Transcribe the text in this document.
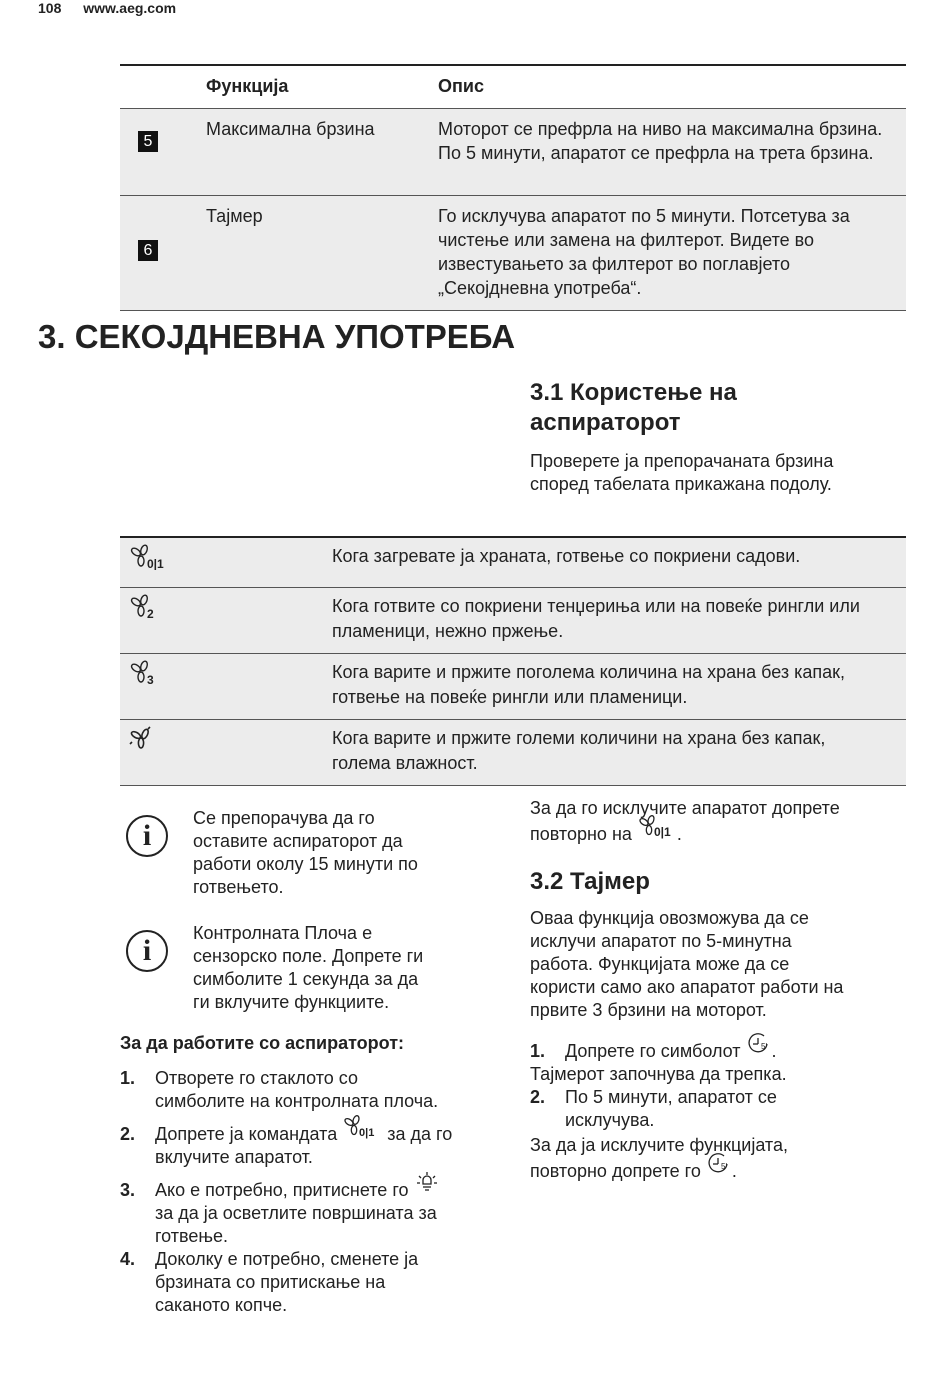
108 www.aeg.com
	Функција	Опис
5	Максимална брзина	Моторот се префрла на ниво на максимална брзина. По 5 минути, апаратот се префрла на трета брзина.
6	Тајмер	Го исклучува апаратот по 5 минути. Потсетува за чистење или замена на филтерот. Видете во известувањето за филтерот во поглавјето „Секојдневна употреба“.
3. СЕКОЈДНЕВНА УПОТРЕБА

3.1 Користење на
аспираторот

Проверете ја препорачаната брзина
според табелата прикажана подолу.

0|1	Кога загревате ја храната, готвење со покриени садови.

2	Кога готвите со покриени тенџериња или на повеќе рингли или
пламеници, нежно пржење.

3	Кога варите и пржите поголема количина на храна без капак,
готвење на повеќе рингли или пламеници.
	Кога варите и пржите големи количини на храна без капак,
голема влажност.
i
Се препорачува да го
оставите аспираторот да
работи околу 15 минути по
готвењето.
i
Контролната Плоча е
сензорско поле. Допрете ги
симболите 1 секунда за да
ги вклучите функциите.

За да работите со аспираторот:

1. Отворете го стаклото со
симболите на контролната плоча.
2. Допрете ја командата 0|1 за да го
вклучите апаратот.
3. Ако е потребно, притиснете го
за да ја осветлите површината за
готвење.
4. Доколку е потребно, сменете ја
брзината со притискање на
саканото копче.

За да го исклучите апаратот допрете
повторно на 0|1 .

3.2 Тајмер

Оваа функција овозможува да се
исклучи апаратот по 5-минутна
работа. Функцијата може да се
користи само ако апаратот работи на
првите 3 брзини на моторот.

1. Допрете го симболот	5' .
Тајмерот започнува да трепка.
2. По 5 минути, апаратот се
исклучува.
За да ја исклучите функцијата,
повторно допрете го	5' .
